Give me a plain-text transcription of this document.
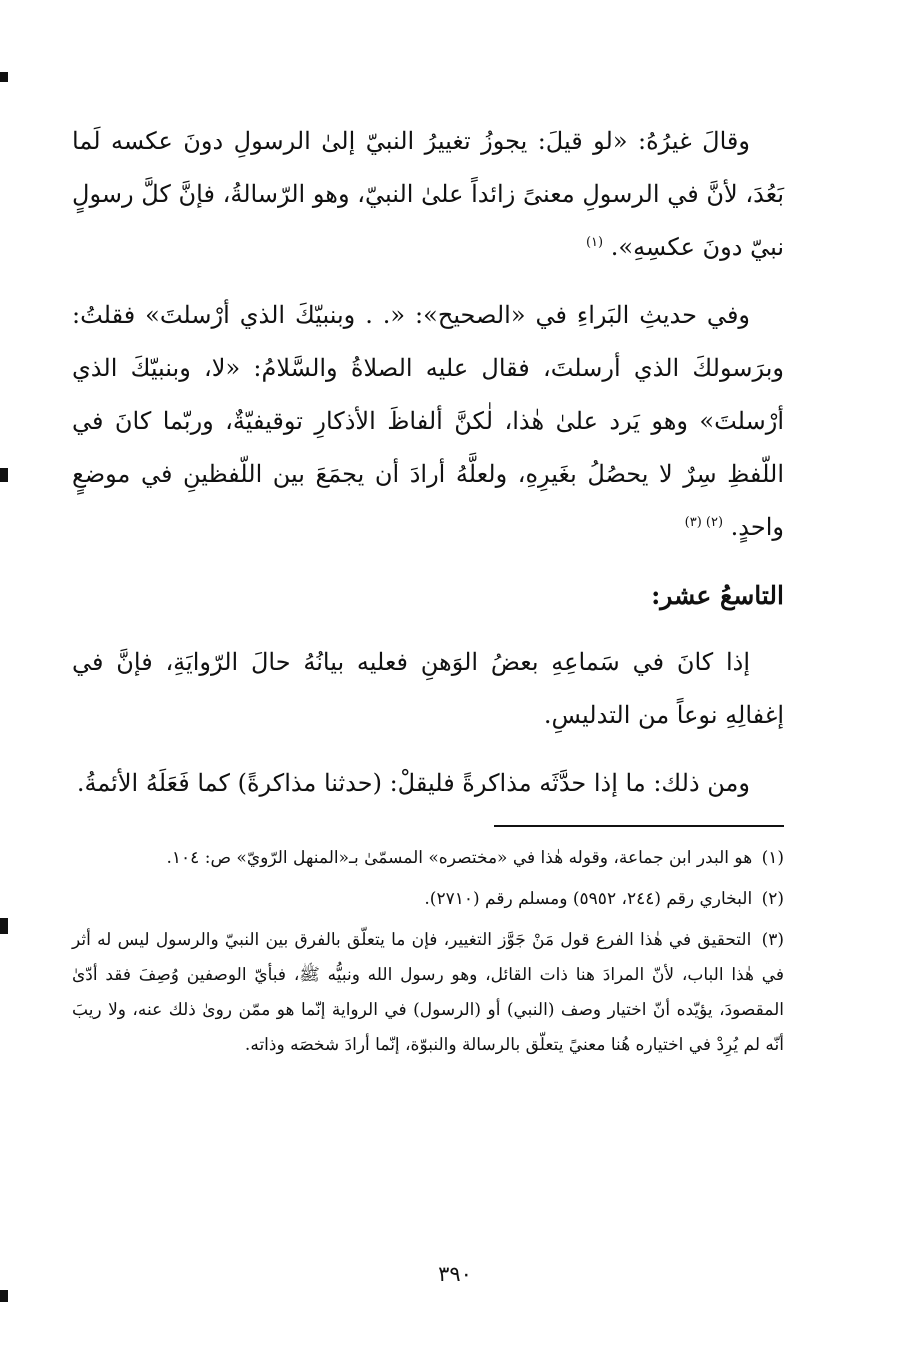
وقالَ غيرُهُ: «لو قيلَ: يجوزُ تغييرُ النبيّ إلىٰ الرسولِ دونَ عكسه لَما بَعُدَ، لأنَّ في الرسولِ معنىً زائداً علىٰ النبيّ، وهو الرّسالةُ، فإنَّ كلَّ رسولٍ نبيّ دونَ عكسِهِ». $^{(١)}$

وفي حديثِ البَراءِ في «الصحيح»: «. . وبنبيّكَ الذي أرْسلتَ» فقلتُ: وبرَسولكَ الذي أرسلتَ، فقال عليه الصلاةُ والسَّلامُ: «لا، وبنبيّكَ الذي أرْسلتَ» وهو يَرد علىٰ هٰذا، لٰكنَّ ألفاظَ الأذكارِ توقيفيّةٌ، وربّما كانَ في اللّفظِ سِرٌ لا يحصُلُ بغَيرِهِ، ولعلَّهُ أرادَ أن يجمَعَ بين اللّفظينِ في موضعٍ واحدٍ. $^{(٢) (٣)}$

التاسعُ عشر:

إذا كانَ في سَماعِهِ بعضُ الوَهنِ فعليه بيانُهُ حالَ الرّوايَةِ، فإنَّ في إغفالِهِ نوعاً من التدليسِ.

ومن ذلك: ما إذا حدَّثَه مذاكرةً فليقلْ: (حدثنا مذاكرةً) كما فَعَلَهُ الأئمةُ.

(١) هو البدر ابن جماعة، وقوله هٰذا في «مختصره» المسمّىٰ بـ«المنهل الرّويّ» ص: ١٠٤.

(٢) البخاري رقم (٢٤٤، ٥٩٥٢) ومسلم رقم (٢٧١٠).

(٣) التحقيق في هٰذا الفرع قول مَنْ جَوَّز التغيير، فإن ما يتعلّق بالفرق بين النبيّ والرسول ليس له أثر في هٰذا الباب، لأنّ المرادَ هنا ذات القائل، وهو رسول الله ونبيُّه ﷺ، فبأيّ الوصفين وُصِفَ فقد أدّىٰ المقصودَ، يؤيّده أنّ اختيار وصف (النبي) أو (الرسول) في الرواية إنّما هو ممّن روىٰ ذلك عنه، ولا ريبَ أنّه لم يُرِدْ في اختياره هُنا معنيً يتعلّق بالرسالة والنبوّة، إنّما أرادَ شخصَه وذاته.

٣٩٠
